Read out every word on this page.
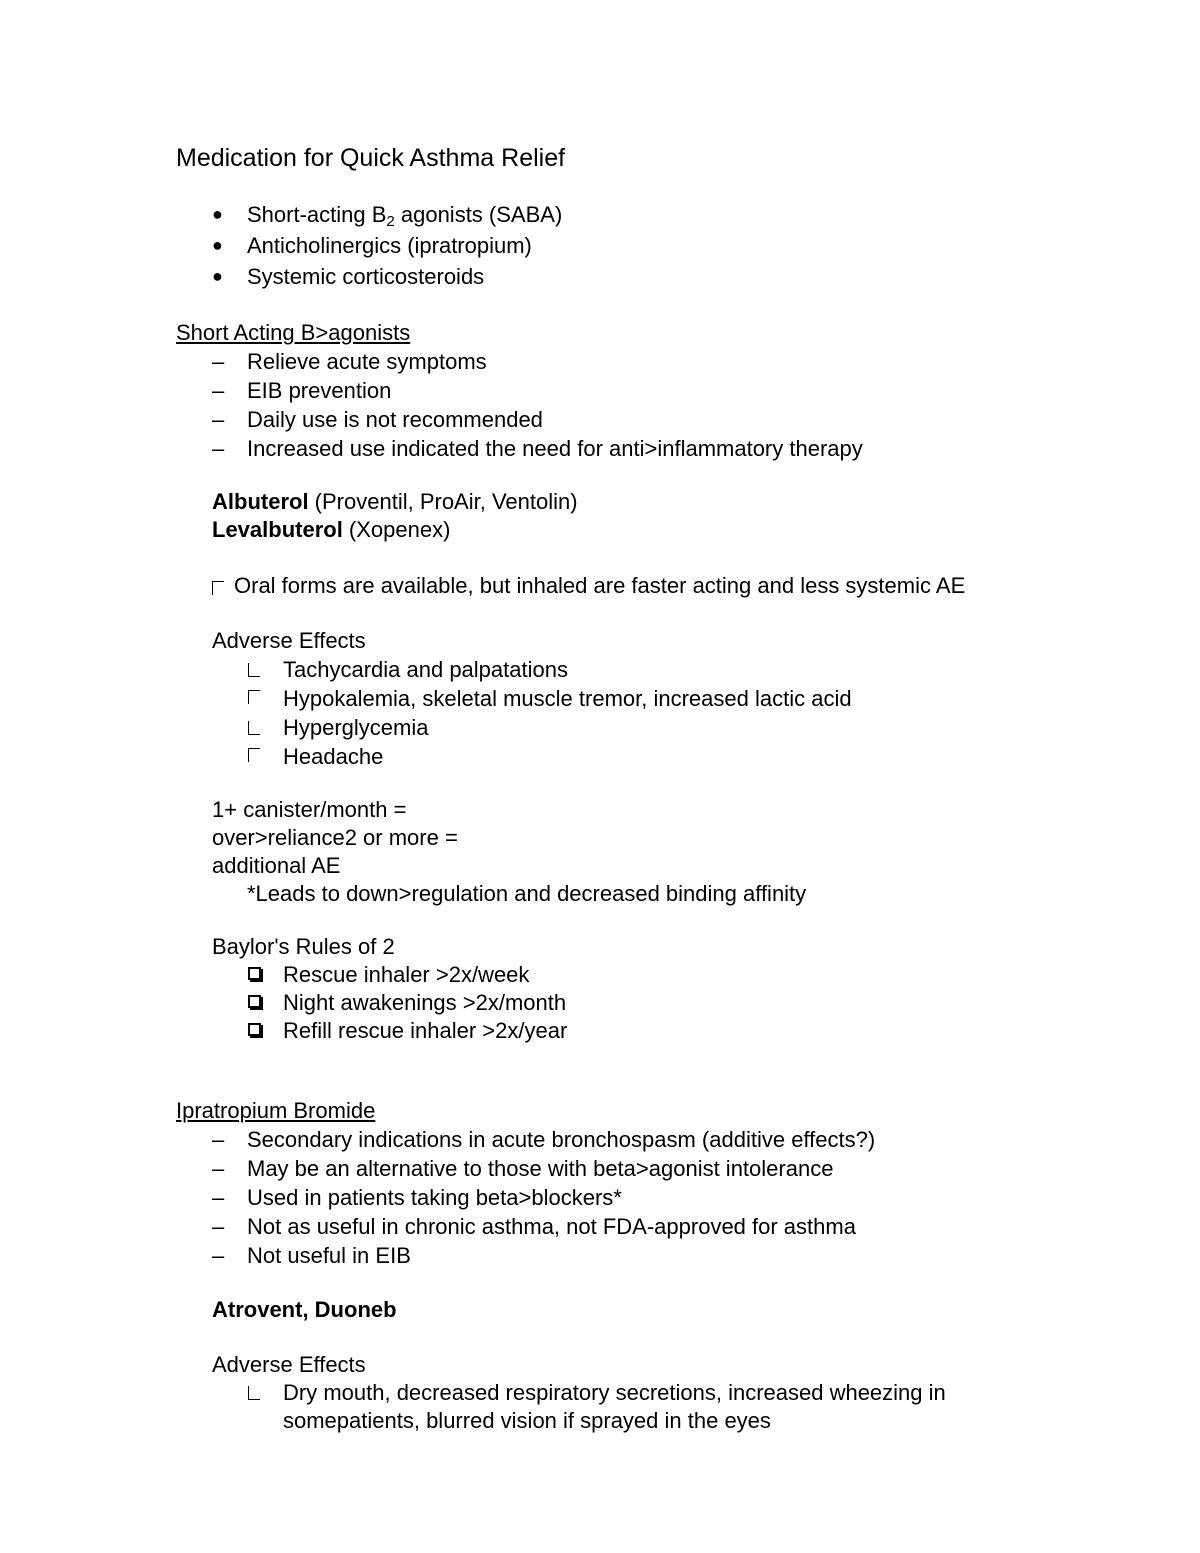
Medication for Quick Asthma Relief
● Short-acting $B_2$ agonists (SABA)
● Anticholinergics (ipratropium)
● Systemic corticosteroids
Short Acting B>agonists
– Relieve acute symptoms
– EIB prevention
– Daily use is not recommended
– Increased use indicated the need for anti>inflammatory therapy
Albuterol (Proventil, ProAir, Ventolin)
Levalbuterol (Xopenex)
Oral forms are available, but inhaled are faster acting and less systemic AE
Adverse Effects
Tachycardia and palpatations
Hypokalemia, skeletal muscle tremor, increased lactic acid
Hyperglycemia
Headache
1+ canister/month =
over>reliance2 or more =
additional AE
*Leads to down>regulation and decreased binding affinity
Baylor's Rules of 2
Rescue inhaler >2x/week
Night awakenings >2x/month
Refill rescue inhaler >2x/year
Ipratropium Bromide
– Secondary indications in acute bronchospasm (additive effects?)
– May be an alternative to those with beta>agonist intolerance
– Used in patients taking beta>blockers*
– Not as useful in chronic asthma, not FDA-approved for asthma
– Not useful in EIB
Atrovent, Duoneb
Adverse Effects
Dry mouth, decreased respiratory secretions, increased wheezing in
somepatients, blurred vision if sprayed in the eyes
